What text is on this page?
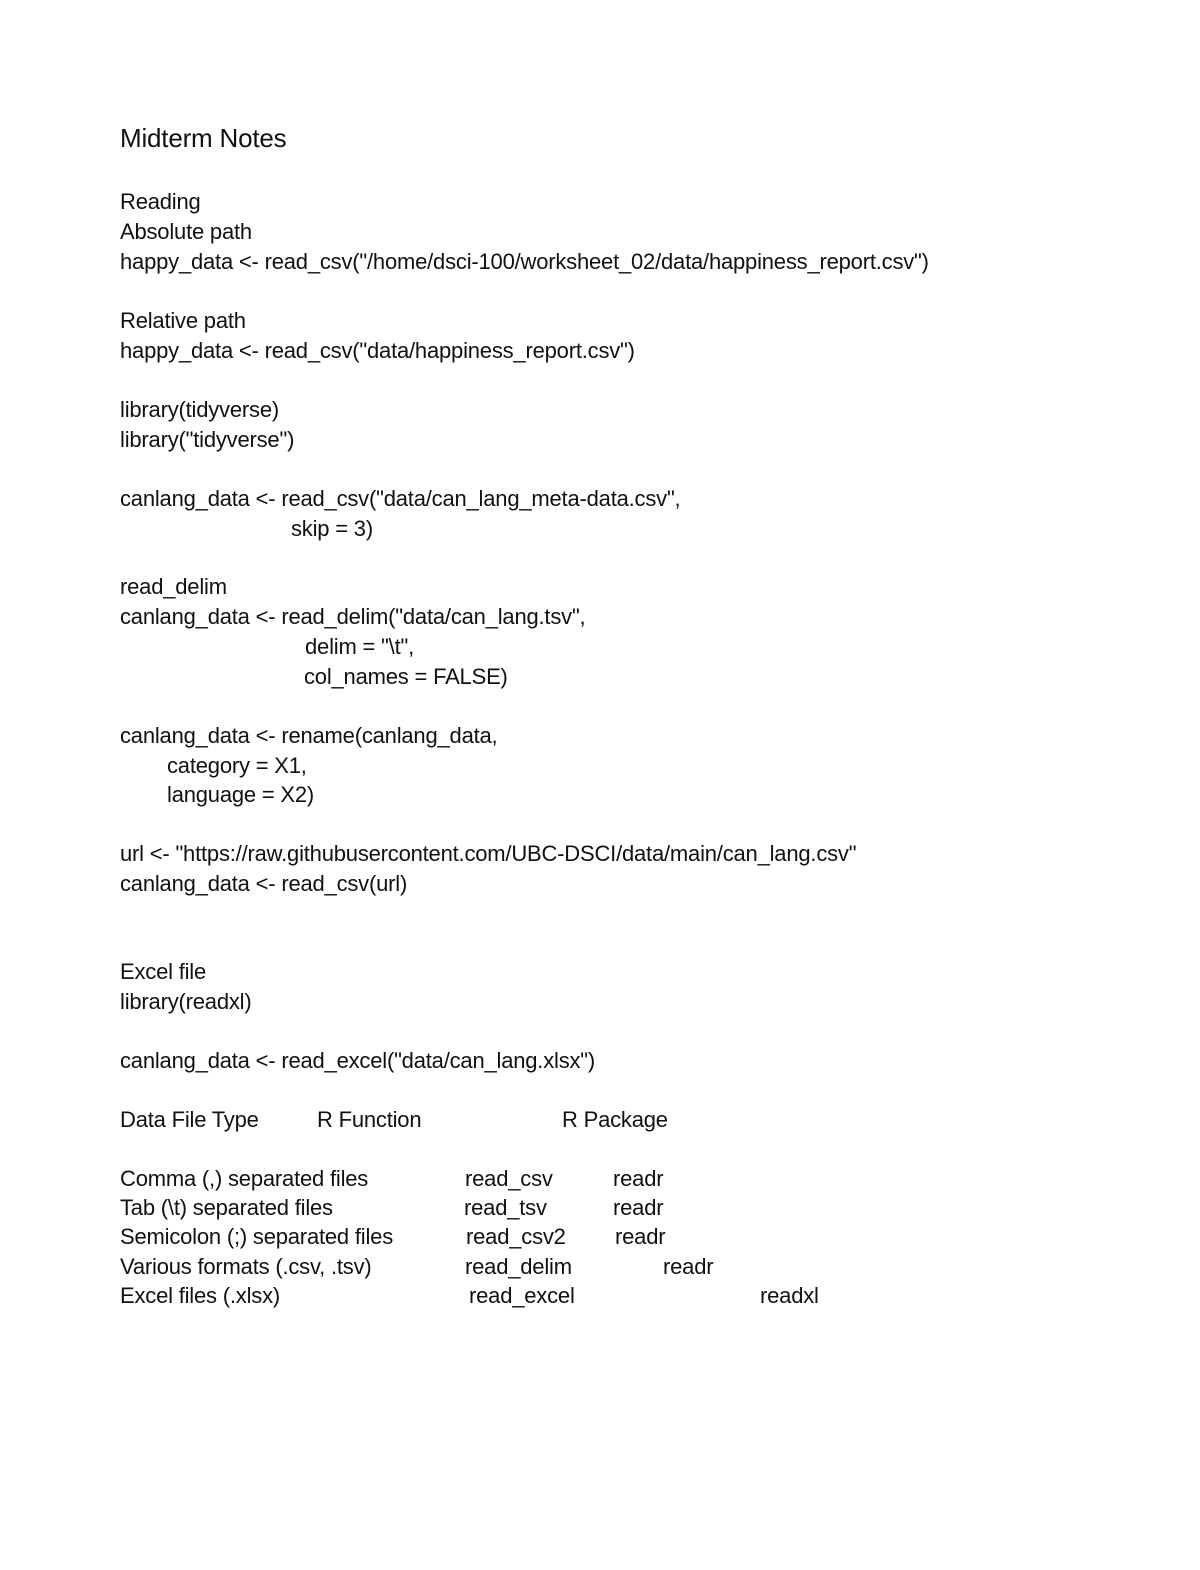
Midterm Notes
Reading
Absolute path
happy_data <- read_csv("/home/dsci-100/worksheet_02/data/happiness_report.csv")
Relative path
happy_data <- read_csv("data/happiness_report.csv")
library(tidyverse)
library("tidyverse")
canlang_data <- read_csv("data/can_lang_meta-data.csv",
skip = 3)
read_delim
canlang_data <- read_delim("data/can_lang.tsv",
delim = "\t",
col_names = FALSE)
canlang_data <- rename(canlang_data,
category = X1,
language = X2)
url <- "https://raw.githubusercontent.com/UBC-DSCI/data/main/can_lang.csv"
canlang_data <- read_csv(url)
Excel file
library(readxl)
canlang_data <- read_excel("data/can_lang.xlsx")
Data File Type	R Function	R Package
Comma (,) separated files	read_csv	readr
Tab (\t) separated files	read_tsv	readr
Semicolon (;) separated files	read_csv2 readr
Various formats (.csv, .tsv)	read_delim	readr
Excel files (.xlsx)	read_excel	readxl
